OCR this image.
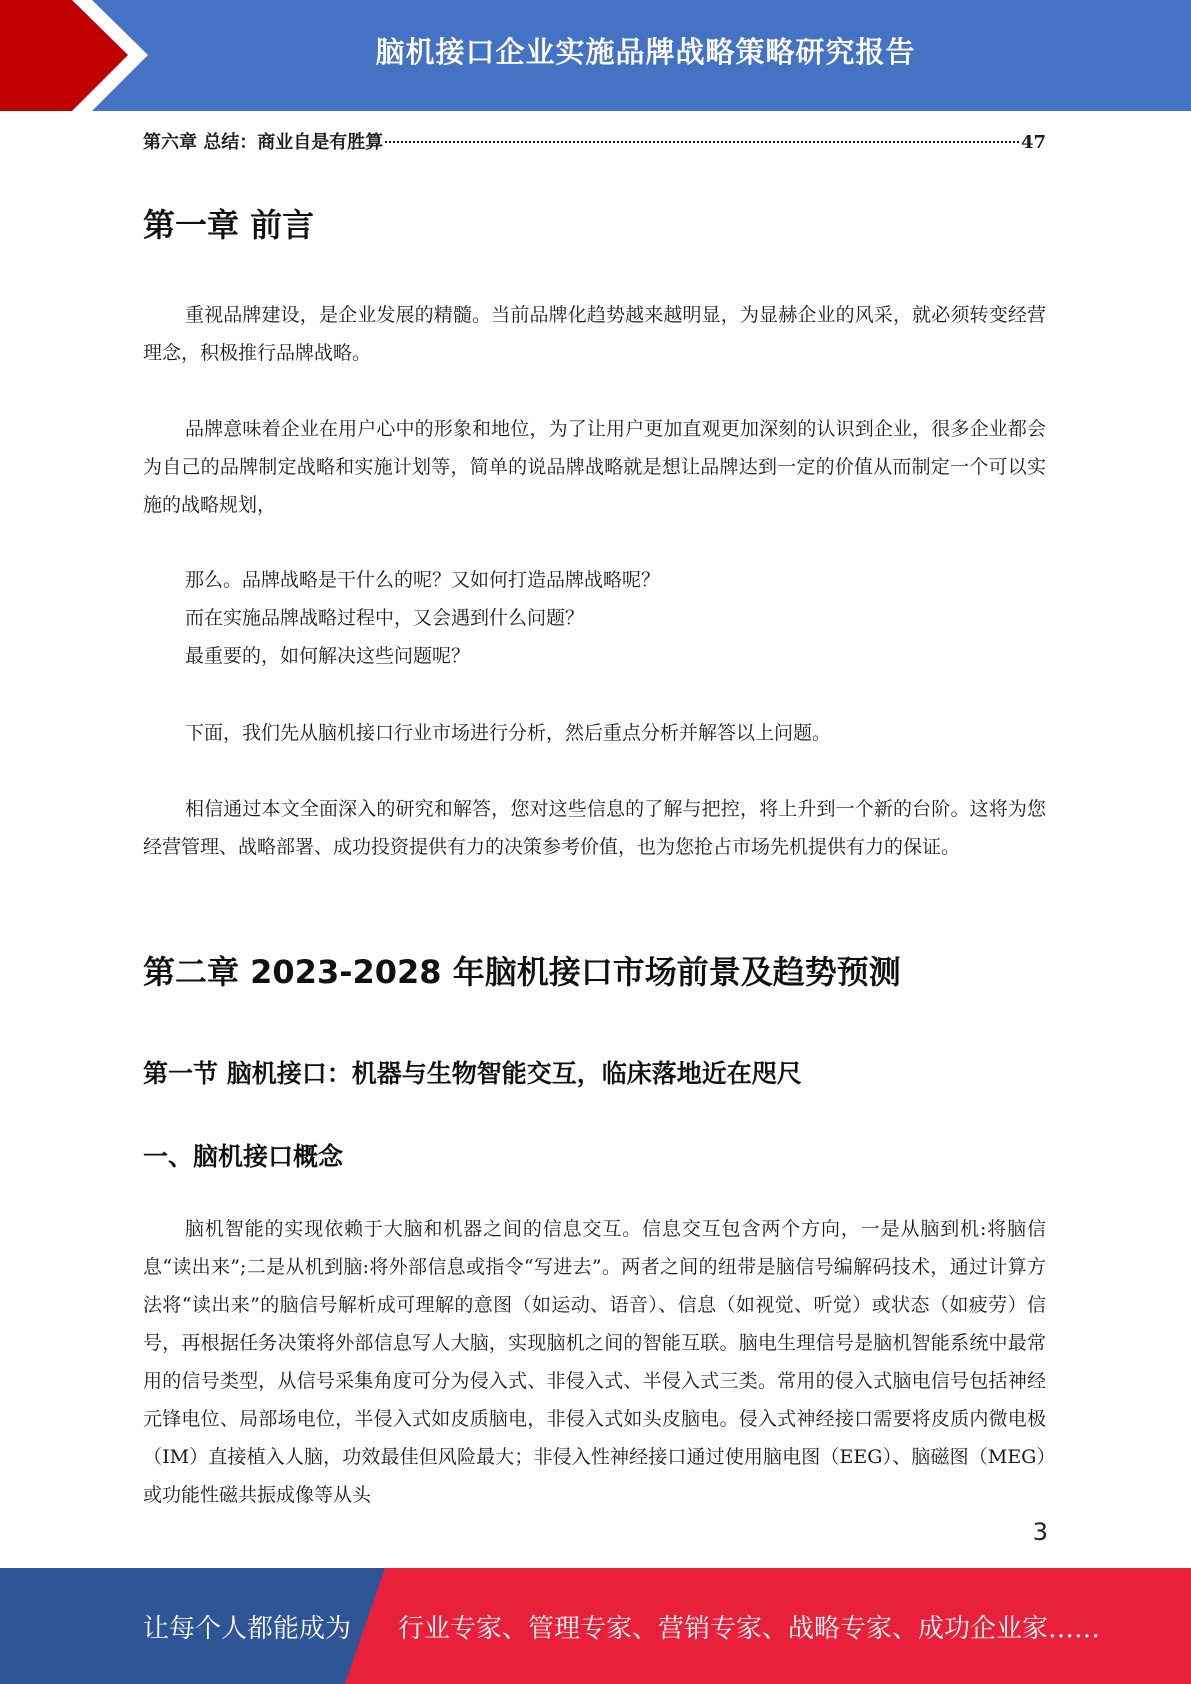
脑机接口企业实施品牌战略策略研究报告
第六章 总结：商业自是有胜算	47
第一章 前言

重视品牌建设，是企业发展的精髓。当前品牌化趋势越来越明显，为显赫企业的风采，就必须转变经营理念，积极推行品牌战略。

品牌意味着企业在用户心中的形象和地位，为了让用户更加直观更加深刻的认识到企业，很多企业都会为自己的品牌制定战略和实施计划等，简单的说品牌战略就是想让品牌达到一定的价值从而制定一个可以实施的战略规划，

那么。品牌战略是干什么的呢？又如何打造品牌战略呢？

而在实施品牌战略过程中，又会遇到什么问题？

最重要的，如何解决这些问题呢？

下面，我们先从脑机接口行业市场进行分析，然后重点分析并解答以上问题。

相信通过本文全面深入的研究和解答，您对这些信息的了解与把控，将上升到一个新的台阶。这将为您经营管理、战略部署、成功投资提供有力的决策参考价值，也为您抢占市场先机提供有力的保证。

第二章 2023-2028 年脑机接口市场前景及趋势预测
第一节 脑机接口：机器与生物智能交互，临床落地近在咫尺
一、脑机接口概念

脑机智能的实现依赖于大脑和机器之间的信息交互。信息交互包含两个方向，一是从脑到机:将脑信息“读出来”;二是从机到脑:将外部信息或指令“写进去”。两者之间的纽带是脑信号编解码技术，通过计算方法将“读出来”的脑信号解析成可理解的意图（如运动、语音）、信息（如视觉、听觉）或状态（如疲劳）信号，再根据任务决策将外部信息写人大脑，实现脑机之间的智能互联。脑电生理信号是脑机智能系统中最常用的信号类型，从信号采集角度可分为侵入式、非侵入式、半侵入式三类。常用的侵入式脑电信号包括神经元锋电位、局部场电位，半侵入式如皮质脑电，非侵入式如头皮脑电。侵入式神经接口需要将皮质内微电极（IM）直接植入人脑，功效最佳但风险最大；非侵入性神经接口通过使用脑电图（EEG）、脑磁图（MEG）或功能性磁共振成像等从头

3
让每个人都能成为 行业专家、管理专家、营销专家、战略专家、成功企业家……
